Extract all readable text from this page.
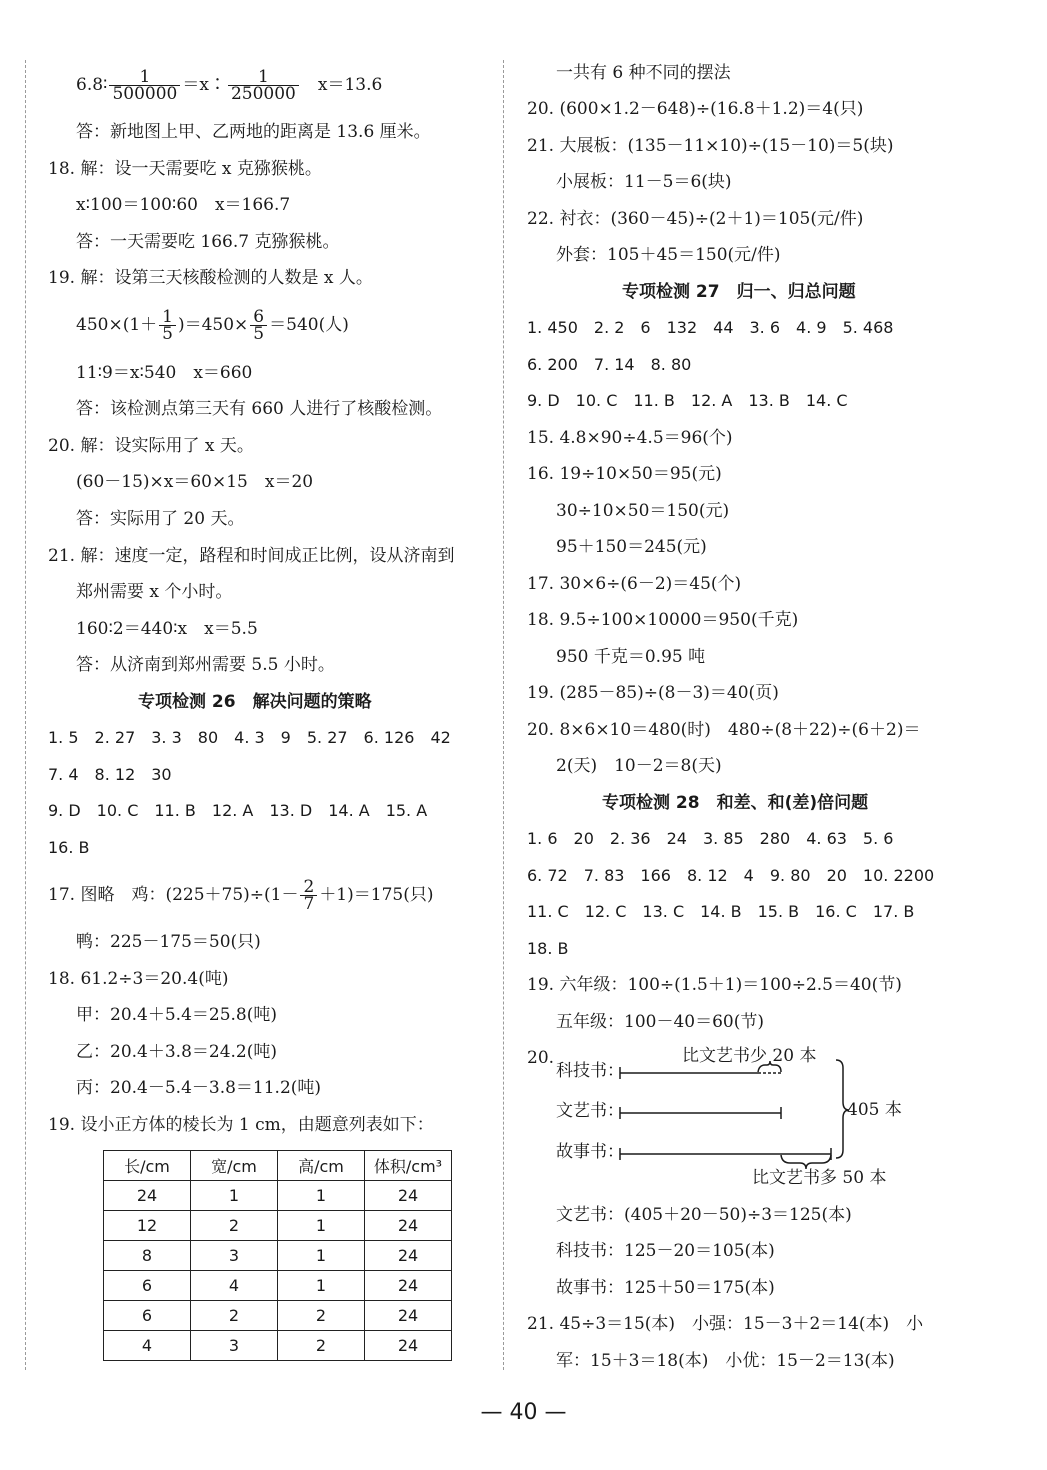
6.8∶ $\frac{1}{500000}$ ＝x∶ $\frac{1}{250000}$ 　x＝13.6
答：新地图上甲、乙两地的距离是 13.6 厘米。
18. 解：设一天需要吃 x 克猕猴桃。
x∶100＝100∶60　x＝166.7
答：一天需要吃 166.7 克猕猴桃。
19. 解：设第三天核酸检测的人数是 x 人。
$450\times(1+ \frac{1}{5} )=450\times \frac{6}{5} =540$(人)
11∶9＝x∶540　x＝660
答：该检测点第三天有 660 人进行了核酸检测。
20. 解：设实际用了 x 天。
(60－15)×x＝60×15　x＝20
答：实际用了 20 天。
21. 解：速度一定，路程和时间成正比例，设从济南到
郑州需要 x 个小时。
160∶2＝440∶x　x＝5.5
答：从济南到郑州需要 5.5 小时。
专项检测 26　解决问题的策略
1. 5　2. 27　3. 3　80　4. 3　9　5. 27　6. 126　42
7. 4　8. 12　30
9. D　10. C　11. B　12. A　13. D　14. A　15. A
16. B
17. 图略　鸡：$(225+75)\div(1- \frac{2}{7} +1)=175$(只)
鸭：225－175＝50(只)
18. 61.2÷3＝20.4(吨)
甲：20.4＋5.4＝25.8(吨)
乙：20.4＋3.8＝24.2(吨)
丙：20.4－5.4－3.8＝11.2(吨)
19. 设小正方体的棱长为 1 cm，由题意列表如下：
长/cm	宽/cm	高/cm	体积/cm³
24	1	1	24
12	2	1	24
8	3	1	24
6	4	1	24
6	2	2	24
4	3	2	24
一共有 6 种不同的摆法
20. (600×1.2－648)÷(16.8＋1.2)＝4(只)
21. 大展板：(135－11×10)÷(15－10)＝5(块)
小展板：11－5＝6(块)
22. 衬衣：(360－45)÷(2＋1)＝105(元/件)
外套：105＋45＝150(元/件)
专项检测 27　归一、归总问题
1. 450　2. 2　6　132　44　3. 6　4. 9　5. 468
6. 200　7. 14　8. 80
9. D　10. C　11. B　12. A　13. B　14. C
15. 4.8×90÷4.5＝96(个)
16. 19÷10×50＝95(元)
30÷10×50＝150(元)
95＋150＝245(元)
17. 30×6÷(6－2)＝45(个)
18. 9.5÷100×10000＝950(千克)
950 千克＝0.95 吨
19. (285－85)÷(8－3)＝40(页)
20. 8×6×10＝480(时)　480÷(8＋22)÷(6＋2)＝
2(天)　10－2＝8(天)
专项检测 28　和差、和(差)倍问题
1. 6　20　2. 36　24　3. 85　280　4. 63　5. 6
6. 72　7. 83　166　8. 12　4　9. 80　20　10. 2200
11. C　12. C　13. C　14. B　15. B　16. C　17. B
18. B
19. 六年级：100÷(1.5＋1)＝100÷2.5＝40(节)
五年级：100－40＝60(节)
20.
科技书：
文艺书：
故事书：
比文艺书少 20 本
405 本
比文艺书多 50 本
文艺书：(405＋20－50)÷3＝125(本)
科技书：125－20＝105(本)
故事书：125＋50＝175(本)
21. 45÷3＝15(本)　小强：15－3＋2＝14(本)　小
军：15＋3＝18(本)　小优：15－2＝13(本)
— 40 —
